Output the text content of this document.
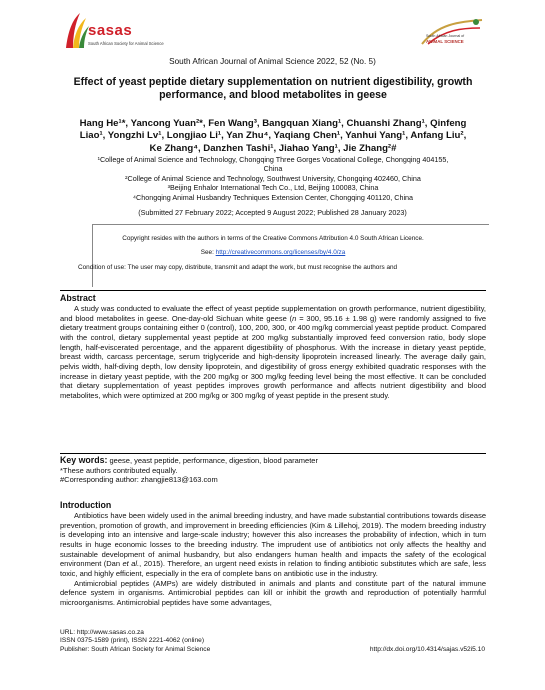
sasas
South African Society for Animal Science
South African Journal of
ANIMAL SCIENCE
South African Journal of Animal Science 2022, 52 (No. 5)
Effect of yeast peptide dietary supplementation on nutrient digestibility, growth performance, and blood metabolites in geese
Hang He¹*, Yancong Yuan²*, Fen Wang³, Bangquan Xiang¹, Chuanshi Zhang¹, Qinfeng
Liao¹, Yongzhi Lv¹, Longjiao Li¹, Yan Zhu⁴, Yaqiang Chen¹, Yanhui Yang¹, Anfang Liu²,
Ke Zhang⁴, Danzhen Tashi¹, Jiahao Yang¹, Jie Zhang²#
¹College of Animal Science and Technology, Chongqing Three Gorges Vocational College, Chongqing 404155,
China
²College of Animal Science and Technology, Southwest University, Chongqing 402460, China
³Beijing Enhalor International Tech Co., Ltd, Beijing 100083, China
⁴Chongqing Animal Husbandry Techniques Extension Center, Chongqing 401120, China
(Submitted 27 February 2022; Accepted 9 August 2022; Published 28 January 2023)
Copyright resides with the authors in terms of the Creative Commons Attribution 4.0 South African Licence.
See: http://creativecommons.org/licenses/by/4.0/za
Condition of use: The user may copy, distribute, transmit and adapt the work, but must recognise the authors and
Abstract

A study was conducted to evaluate the effect of yeast peptide supplementation on growth performance, nutrient digestibility, and blood metabolites in geese. One-day-old Sichuan white geese (n = 300, 95.16 ± 1.98 g) were randomly assigned to five dietary treatment groups containing either 0 (control), 100, 200, 300, or 400 mg/kg commercial yeast peptide product. Compared with the control, dietary supplemental yeast peptide at 200 mg/kg substantially improved feed conversion ratio, body slope length, half-eviscerated percentage, and the apparent digestibility of phosphorus. With the increase in dietary yeast peptide, breast width, carcass percentage, serum triglyceride and high-density lipoprotein increased linearly. The average daily gain, pelvis width, half-diving depth, low density lipoprotein, and digestibility of gross energy exhibited quadratic responses with the increase in dietary yeast peptide, with the 200 mg/kg or 300 mg/kg feeding level being the most effective. It can be concluded that dietary supplementation of yeast peptides improves growth performance and affects nutrient digestibility and blood metabolites, which were optimized at 200 mg/kg or 300 mg/kg of yeast peptide in the present study.

Key words: geese, yeast peptide, performance, digestion, blood parameter
*These authors contributed equally.
#Corresponding author: zhangjie813@163.com
Introduction

Antibiotics have been widely used in the animal breeding industry, and have made substantial contributions towards disease prevention, promotion of growth, and improvement in breeding efficiencies (Kim & Lillehoj, 2019). The modern breeding industry is developing into an intensive and large-scale industry; however this also increases the probability of infection, which in turn results in huge economic losses to the breeding industry. The imprudent use of antibiotics not only affects the healthy and sustainable development of animal husbandry, but also endangers human health and impacts the safety of the ecological environment (Dan et al., 2015). Therefore, an urgent need exists in relation to finding antibiotic substitutes which are safe, less toxic, and highly efficient, especially in the era of complete bans on antibiotic use in the industry.

Antimicrobial peptides (AMPs) are widely distributed in animals and plants and constitute part of the natural immune defence system in organisms. Antimicrobial peptides can kill or inhibit the growth and reproduction of potentially harmful microorganisms. Antimicrobial peptides have some advantages,

URL: http://www.sasas.co.za
ISSN 0375-1589 (print), ISSN 2221-4062 (online)
Publisher: South African Society for Animal Science	http://dx.doi.org/10.4314/sajas.v52i5.10
